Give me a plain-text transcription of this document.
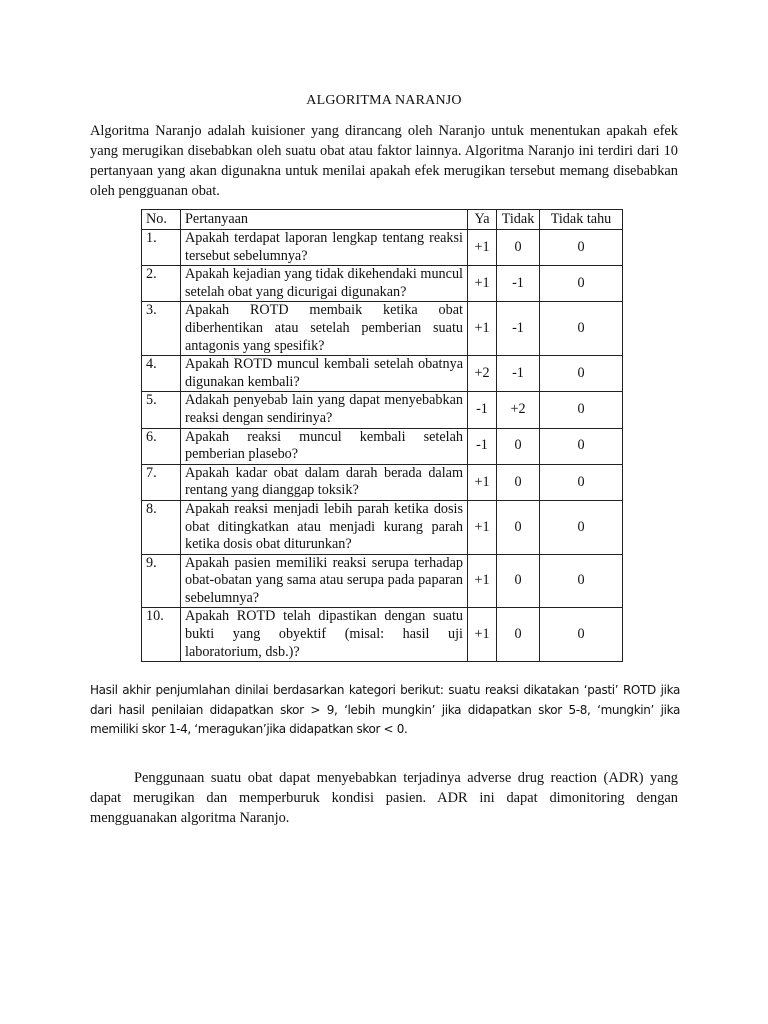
ALGORITMA NARANJO

Algoritma Naranjo adalah kuisioner yang dirancang oleh Naranjo untuk menentukan apakah efek yang merugikan disebabkan oleh suatu obat atau faktor lainnya. Algoritma Naranjo ini terdiri dari 10 pertanyaan yang akan digunakna untuk menilai apakah efek merugikan tersebut memang disebabkan oleh pengguanan obat.

No.	Pertanyaan	Ya	Tidak	Tidak tahu
1.	Apakah terdapat laporan lengkap tentang reaksi tersebut sebelumnya?	+1	0	0
2.	Apakah kejadian yang tidak dikehendaki muncul setelah obat yang dicurigai digunakan?	+1	-1	0
3.	Apakah ROTD membaik ketika obat diberhentikan atau setelah pemberian suatu antagonis yang spesifik?	+1	-1	0
4.	Apakah ROTD muncul kembali setelah obatnya digunakan kembali?	+2	-1	0
5.	Adakah penyebab lain yang dapat menyebabkan reaksi dengan sendirinya?	-1	+2	0
6.	Apakah reaksi muncul kembali setelah pemberian plasebo?	-1	0	0
7.	Apakah kadar obat dalam darah berada dalam rentang yang dianggap toksik?	+1	0	0
8.	Apakah reaksi menjadi lebih parah ketika dosis obat ditingkatkan atau menjadi kurang parah ketika dosis obat diturunkan?	+1	0	0
9.	Apakah pasien memiliki reaksi serupa terhadap obat-obatan yang sama atau serupa pada paparan sebelumnya?	+1	0	0
10.	Apakah ROTD telah dipastikan dengan suatu bukti yang obyektif (misal: hasil uji laboratorium, dsb.)?	+1	0	0

Hasil akhir penjumlahan dinilai berdasarkan kategori berikut: suatu reaksi dikatakan ‘pasti’ ROTD jika dari hasil penilaian didapatkan skor > 9, ‘lebih mungkin’ jika didapatkan skor 5-8, ‘mungkin’ jika memiliki skor 1-4, ‘meragukan’jika didapatkan skor < 0.

Penggunaan suatu obat dapat menyebabkan terjadinya adverse drug reaction (ADR) yang dapat merugikan dan memperburuk kondisi pasien. ADR ini dapat dimonitoring dengan mengguanakan algoritma Naranjo.
